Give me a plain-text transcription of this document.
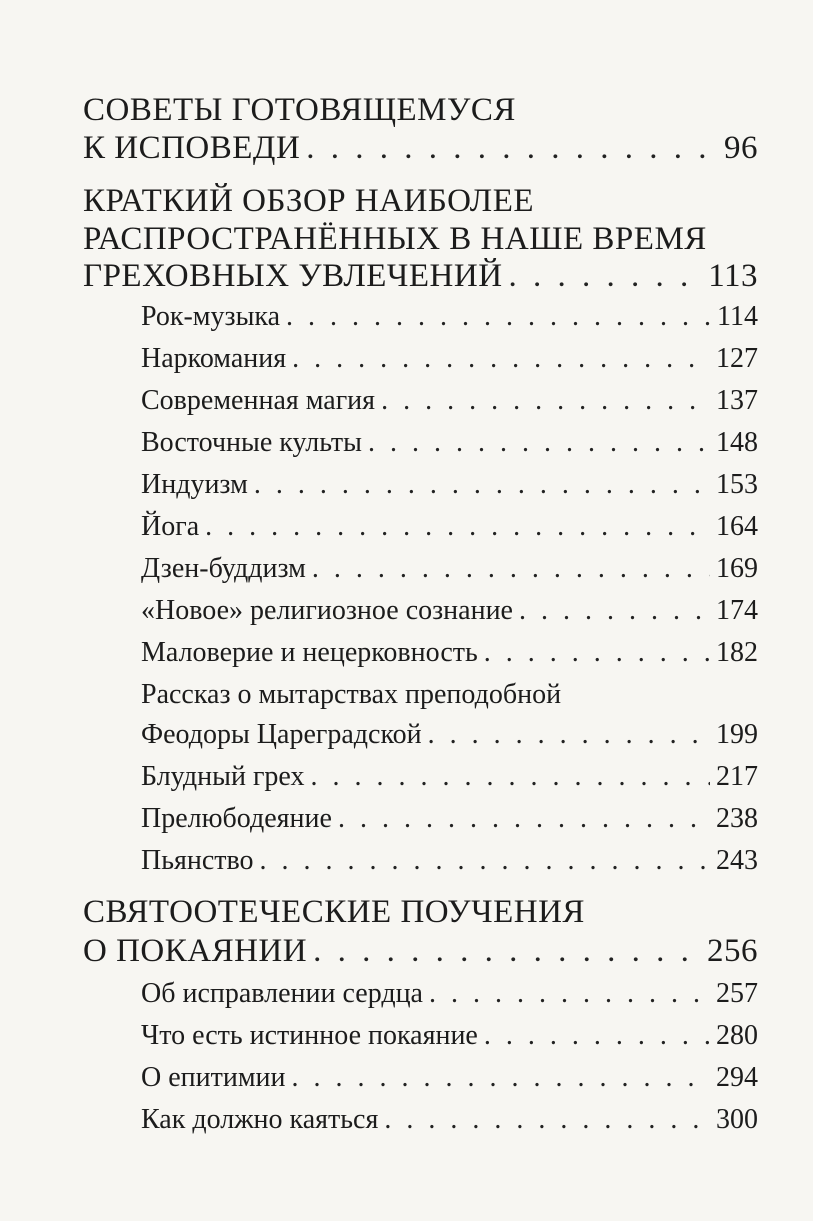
СОВЕТЫ ГОТОВЯЩЕМУСЯ
К ИСПОВЕДИ . . .	96
КРАТКИЙ ОБЗОР НАИБОЛЕЕ
РАСПРОСТРАНЁННЫХ В НАШЕ ВРЕМЯ
ГРЕХОВНЫХ УВЛЕЧЕНИЙ . . .	113
Рок-музыка . . .	114
Наркомания . . .	127
Современная магия . . .	137
Восточные культы . . .	148
Индуизм . . .	153
Йога . . .	164
Дзен-буддизм . . .	169
«Новое» религиозное сознание . . .	174
Маловерие и нецерковность . . .	182
Рассказ о мытарствах преподобной
Феодоры Цареградской . . .	199
Блудный грех . . .	217
Прелюбодеяние . . .	238
Пьянство . . .	243
СВЯТООТЕЧЕСКИЕ ПОУЧЕНИЯ
О ПОКАЯНИИ . . .	256
Об исправлении сердца . . .	257
Что есть истинное покаяние . . .	280
О епитимии . . .	294
Как должно каяться . . .	300
